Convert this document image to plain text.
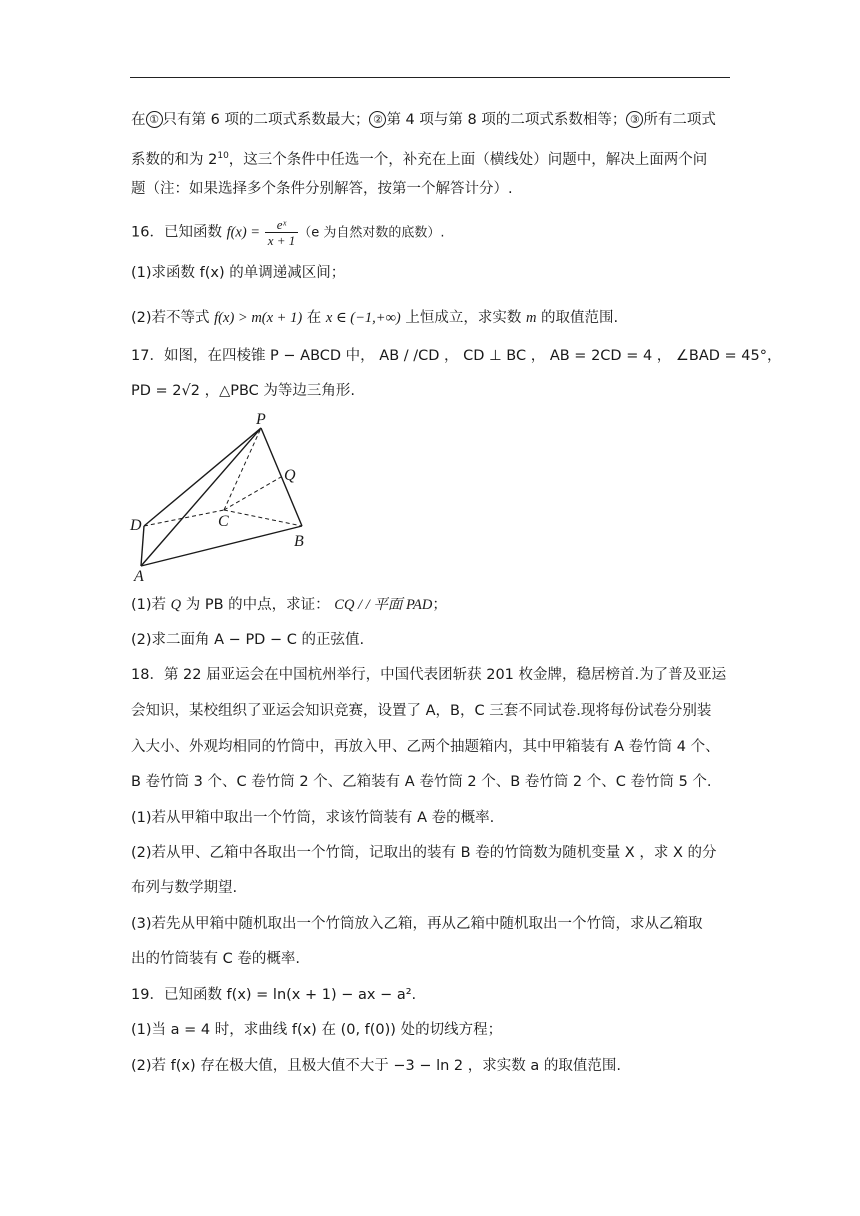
在 ① 只有第 6 项的二项式系数最大； ② 第 4 项与第 8 项的二项式系数相等； ③ 所有二项式
系数的和为 $2^{10}$，这三个条件中任选一个，补充在上面（横线处）问题中，解决上面两个问
题（注：如果选择多个条件分别解答，按第一个解答计分）.
16．已知函数 $f(x) = \frac{\text{eˣ}}{x + 1} (e$ 为自然对数的底数）.
(1)求函数 f(x) 的单调递减区间；
(2)若不等式 f(x) > m(x + 1) 在 x ∈ (−1,+∞) 上恒成立，求实数 m 的取值范围.
17．如图，在四棱锥 P − ABCD 中， AB / /CD ， CD ⊥ BC ， AB = 2CD = 4 ， ∠BAD = 45°，
PD = 2√2 ，△PBC 为等边三角形.
P
Q
C
D
B
A
(1)若 Q 为 PB 的中点，求证： CQ / / 平面 PAD；
(2)求二面角 A − PD − C 的正弦值.
18．第 22 届亚运会在中国杭州举行，中国代表团斩获 201 枚金牌，稳居榜首.为了普及亚运
会知识，某校组织了亚运会知识竞赛，设置了 A，B，C 三套不同试卷.现将每份试卷分别装
入大小、外观均相同的竹筒中，再放入甲、乙两个抽题箱内，其中甲箱装有 A 卷竹筒 4 个、
B 卷竹筒 3 个、C 卷竹筒 2 个、乙箱装有 A 卷竹筒 2 个、B 卷竹筒 2 个、C 卷竹筒 5 个.
(1)若从甲箱中取出一个竹筒，求该竹筒装有 A 卷的概率.
(2)若从甲、乙箱中各取出一个竹筒，记取出的装有 B 卷的竹筒数为随机变量 X ，求 X 的分
布列与数学期望.
(3)若先从甲箱中随机取出一个竹筒放入乙箱，再从乙箱中随机取出一个竹筒，求从乙箱取
出的竹筒装有 C 卷的概率.
19．已知函数 f(x) = ln(x + 1) − ax − a².
(1)当 a = 4 时，求曲线 f(x) 在 (0, f(0)) 处的切线方程；
(2)若 f(x) 存在极大值，且极大值不大于 −3 − ln 2 ，求实数 a 的取值范围.
